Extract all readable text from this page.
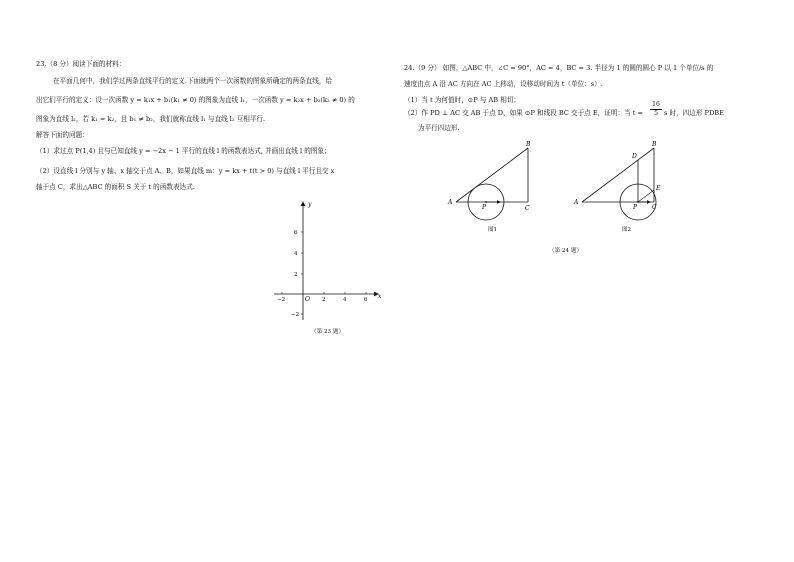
23.（8 分）阅读下面的材料：
在平面几何中，我们学过两条直线平行的定义.下面就两个一次函数的图象所确定的两条直线，给
出它们平行的定义：设一次函数 y = k₁x + b₁(k₁ ≠ 0) 的图象为直线 l₁，一次函数 y = k₂x + b₂(k₂ ≠ 0) 的
图象为直线 l₂，若 k₁ = k₂，且 b₁ ≠ b₂，我们就称直线 l₁ 与直线 l₂ 互相平行.
解答下面的问题：
（1）求过点 P(1,4) 且与已知直线 y = −2x − 1 平行的直线 l 的函数表达式, 并画出直线 l 的图象；
（2）设直线 l 分别与 y 轴、x 轴交于点 A、B，如果直线 m：y = kx + t(t > 0) 与直线 l 平行且交 x
轴于点 C，求出△ABC 的面积 S 关于 t 的函数表达式.
y
x
O
6
4
2
−2
−2	2	4	6
（第 23 题）
24.（9 分） 如图，△ABC 中，∠C = 90°，AC = 4，BC = 3. 半径为 1 的圆的圆心 P 以 1 个单位/s 的
速度由点 A 沿 AC 方向在 AC 上移动，设移动时间为 t（单位：s）.
（1）当 t 为何值时，⊙P 与 AB 相切；
（2）作 PD ⊥ AC 交 AB 于点 D，如果 ⊙P 和线段 BC 交于点 E，证明：当 $t = \frac{16}{5}$ s 时，四边形 PDBE
为平行四边形.
A
B
C
P
图1
A
B
C
P
D
E
图2
（第 24 题）
